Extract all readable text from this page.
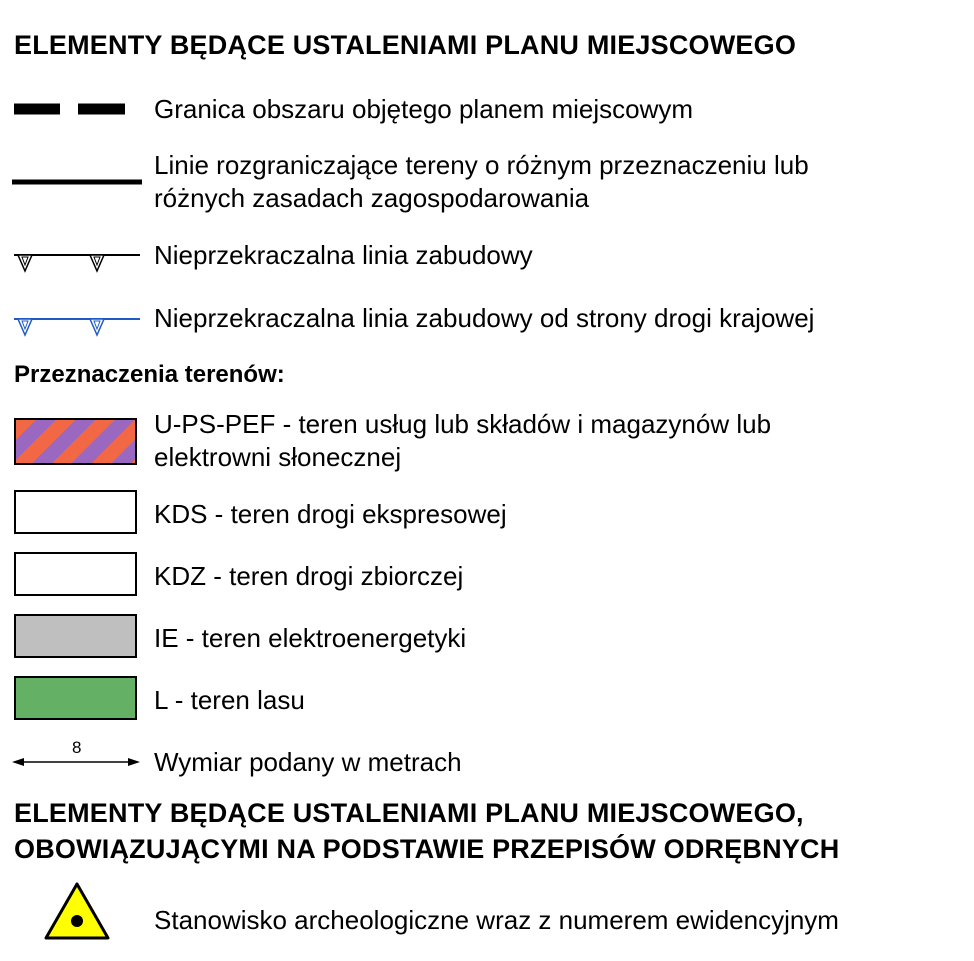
ELEMENTY BĘDĄCE USTALENIAMI PLANU MIEJSCOWEGO
Granica obszaru objętego planem miejscowym
Linie rozgraniczające tereny o różnym przeznaczeniu lub
różnych zasadach zagospodarowania
Nieprzekraczalna linia zabudowy
Nieprzekraczalna linia zabudowy od strony drogi krajowej
Przeznaczenia terenów:
U-PS-PEF - teren usług lub składów i magazynów lub
elektrowni słonecznej
KDS - teren drogi ekspresowej
KDZ - teren drogi zbiorczej
IE - teren elektroenergetyki
L - teren lasu
8	Wymiar podany w metrach
ELEMENTY BĘDĄCE USTALENIAMI PLANU MIEJSCOWEGO,
OBOWIĄZUJĄCYMI NA PODSTAWIE PRZEPISÓW ODRĘBNYCH
Stanowisko archeologiczne wraz z numerem ewidencyjnym
